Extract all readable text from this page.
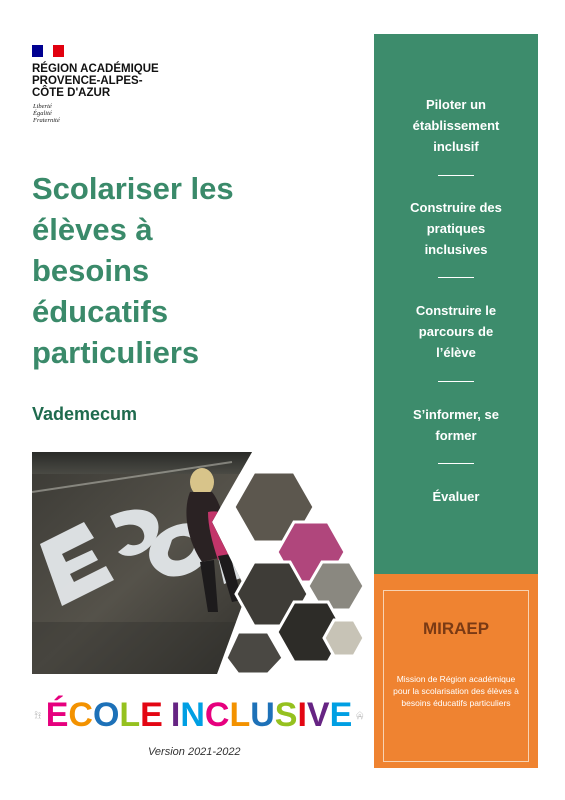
RÉGION ACADÉMIQUE
PROVENCE-ALPES-
CÔTE D'AZUR
Liberté
Égalité
Fraternité
Scolariser les
élèves à
besoins
éducatifs
particuliers
Vademecum
É C O L E
I N C L U S I V E
Version 2021-2022
Piloter un
établissement
inclusif
Construire des
pratiques
inclusives
Construire le
parcours de
l’élève
S’informer, se
former
Évaluer
MIRAEP
Mission de Région académique
pour la scolarisation des élèves à
besoins éducatifs particuliers
